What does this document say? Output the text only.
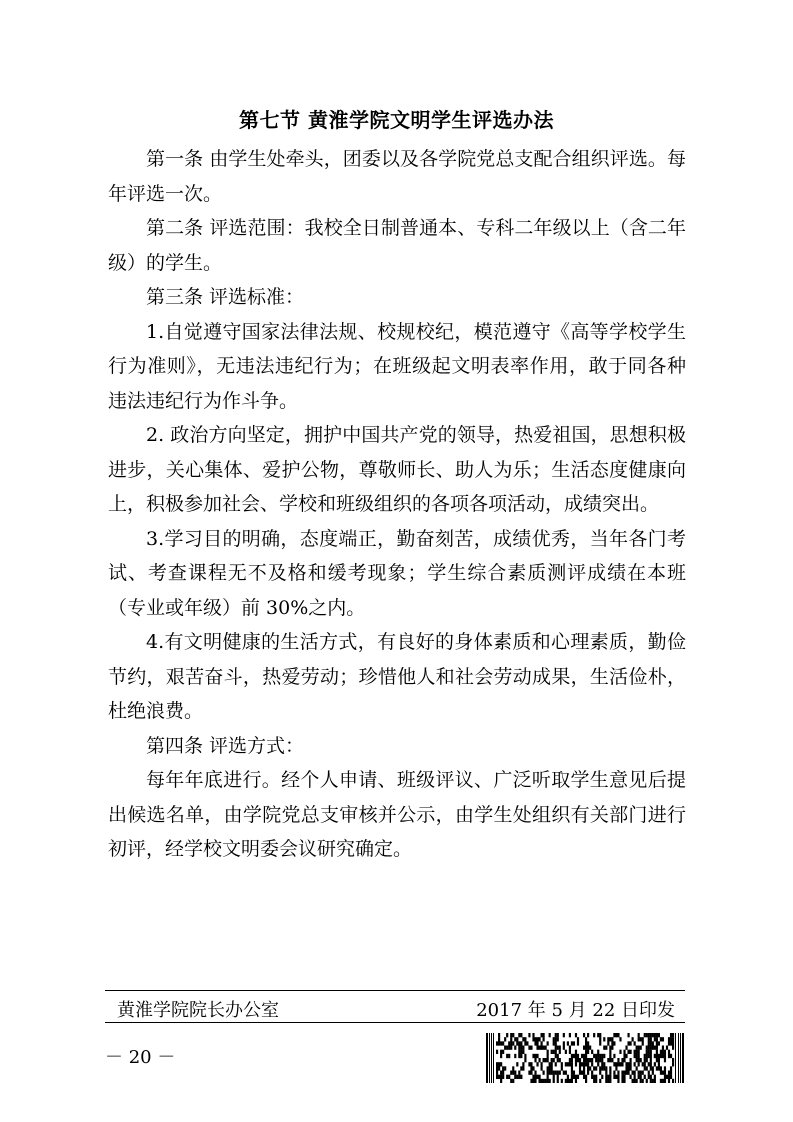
第七节 黄淮学院文明学生评选办法

第一条 由学生处牵头，团委以及各学院党总支配合组织评选。每年评选一次。

第二条 评选范围：我校全日制普通本、专科二年级以上（含二年级）的学生。

第三条 评选标准：

1.自觉遵守国家法律法规、校规校纪，模范遵守《高等学校学生行为准则》，无违法违纪行为；在班级起文明表率作用，敢于同各种违法违纪行为作斗争。

2. 政治方向坚定，拥护中国共产党的领导，热爱祖国，思想积极进步，关心集体、爱护公物，尊敬师长、助人为乐；生活态度健康向上，积极参加社会、学校和班级组织的各项各项活动，成绩突出。

3.学习目的明确，态度端正，勤奋刻苦，成绩优秀，当年各门考试、考查课程无不及格和缓考现象；学生综合素质测评成绩在本班（专业或年级）前 30%之内。

4.有文明健康的生活方式，有良好的身体素质和心理素质，勤俭节约，艰苦奋斗，热爱劳动；珍惜他人和社会劳动成果，生活俭朴，杜绝浪费。

第四条 评选方式：

每年年底进行。经个人申请、班级评议、广泛听取学生意见后提出候选名单，由学院党总支审核并公示，由学生处组织有关部门进行初评，经学校文明委会议研究确定。

黄淮学院院长办公室	2017 年 5 月 22 日印发
－ 20 －
